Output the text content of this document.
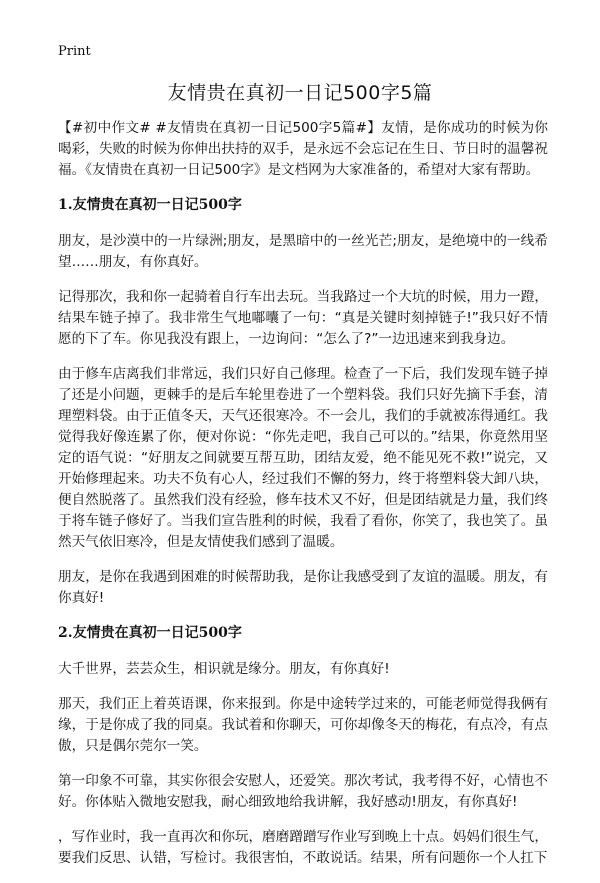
Print
友情贵在真初一日记500字5篇

【#初中作文# #友情贵在真初一日记500字5篇#】友情，是你成功的时候为你喝彩，失败的时候为你伸出扶持的双手，是永远不会忘记在生日、节日时的温馨祝福。《友情贵在真初一日记500字》是文档网为大家准备的，希望对大家有帮助。

1.友情贵在真初一日记500字

朋友，是沙漠中的一片绿洲;朋友，是黑暗中的一丝光芒;朋友，是绝境中的一线希望……朋友，有你真好。

记得那次，我和你一起骑着自行车出去玩。当我路过一个大坑的时候，用力一蹬，结果车链子掉了。我非常生气地嘟囔了一句：“真是关键时刻掉链子!”我只好不情愿的下了车。你见我没有跟上，一边询问：“怎么了?”一边迅速来到我身边。

由于修车店离我们非常远，我们只好自己修理。检查了一下后，我们发现车链子掉了还是小问题，更棘手的是后车轮里卷进了一个塑料袋。我们只好先摘下手套，清理塑料袋。由于正值冬天，天气还很寒冷。不一会儿，我们的手就被冻得通红。我觉得我好像连累了你，便对你说：“你先走吧，我自己可以的。”结果，你竟然用坚定的语气说：“好朋友之间就要互帮互助，团结友爱，绝不能见死不救!”说完，又开始修理起来。功夫不负有心人，经过我们不懈的努力，终于将塑料袋大卸八块，便自然脱落了。虽然我们没有经验，修车技术又不好，但是团结就是力量，我们终于将车链子修好了。当我们宣告胜利的时候，我看了看你，你笑了，我也笑了。虽然天气依旧寒冷，但是友情使我们感到了温暖。

朋友，是你在我遇到困难的时候帮助我，是你让我感受到了友谊的温暖。朋友，有你真好!

2.友情贵在真初一日记500字

大千世界，芸芸众生，相识就是缘分。朋友，有你真好!

那天，我们正上着英语课，你来报到。你是中途转学过来的，可能老师觉得我俩有缘，于是你成了我的同桌。我试着和你聊天，可你却像冬天的梅花，有点冷，有点傲，只是偶尔莞尔一笑。

第一印象不可靠，其实你很会安慰人，还爱笑。那次考试，我考得不好，心情也不好。你体贴入微地安慰我，耐心细致地给我讲解，我好感动!朋友，有你真好!

，写作业时，我一直再次和你玩，磨磨蹭蹭写作业写到晚上十点。妈妈们很生气，要我们反思、认错，写检讨。我很害怕，不敢说话。结果，所有问题你一个人扛下
